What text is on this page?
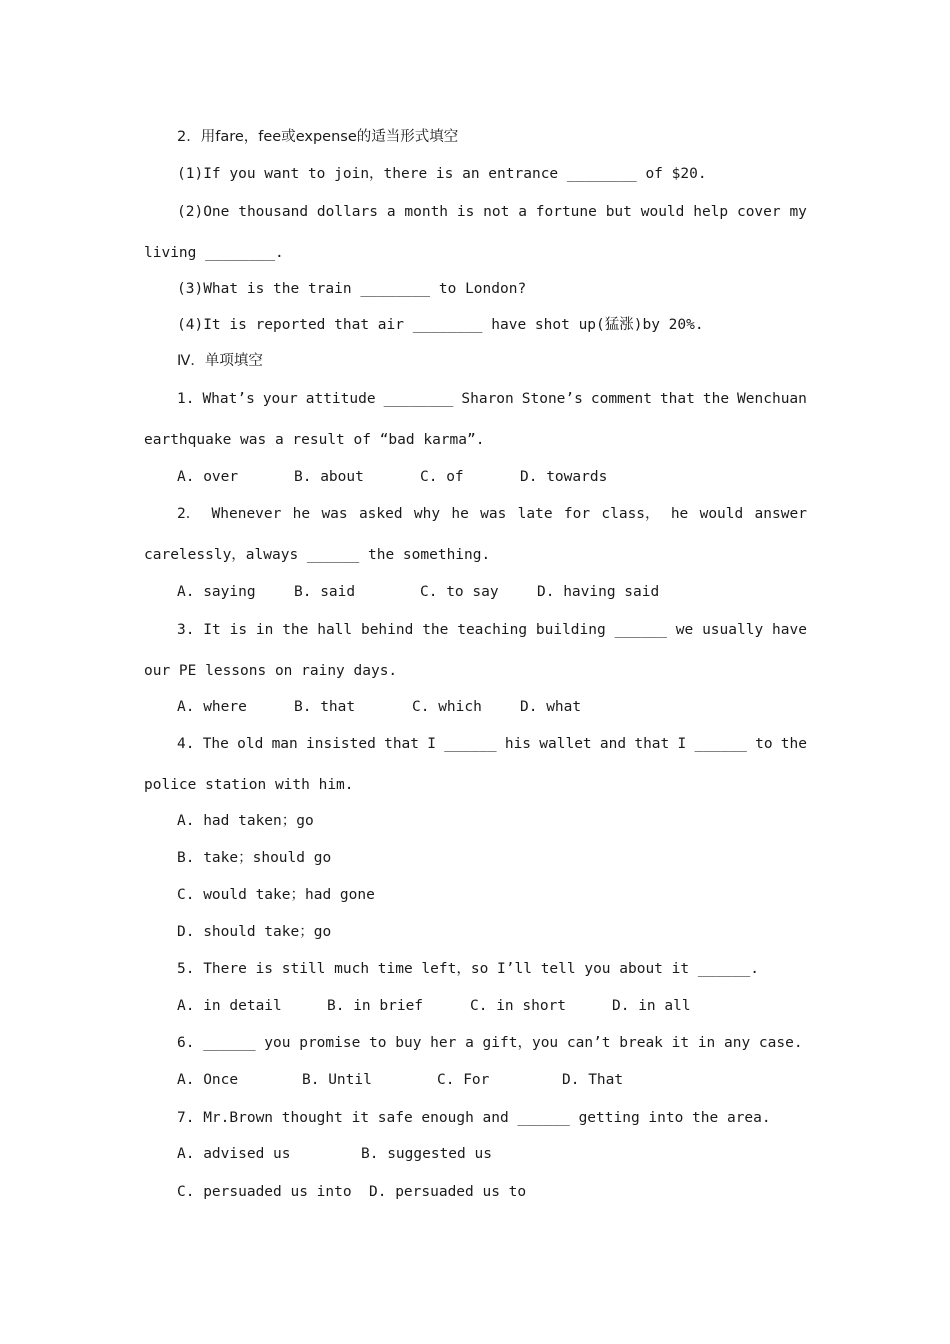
2．用fare，fee或expense的适当形式填空
(1)If you want to join，there is an entrance ________ of $20.
(2)One thousand dollars a month is not a fortune but would help cover my
living ________.
(3)What is the train ________ to London?
(4)It is reported that air ________ have shot up(猛涨)by 20%.
Ⅳ．单项填空
1. What’s your attitude ________ Sharon Stone’s comment that the Wenchuan
earthquake was a result of “bad karma”.

A. over

	B. about

	C. of

	D. towards

2． Whenever he was asked why he was late for class， he would answer
carelessly，always ______ the something.

A. saying

	B. said

	C. to say

	D. having said

3. It is in the hall behind the teaching building ______ we usually have
our PE lessons on rainy days.

A. where

	B. that

	C. which

	D. what

4. The old man insisted that I ______ his wallet and that I ______ to the
police station with him.
A. had taken；go
B. take；should go
C. would take；had gone
D. should take；go
5. There is still much time left，so I’ll tell you about it ______.

A. in detail

	B. in brief

	C. in short

	D. in all

6. ______ you promise to buy her a gift，you can’t break it in any case.

A. Once

	B. Until

	C. For

	D. That

7. Mr.Brown thought it safe enough and ______ getting into the area.

A. advised us

	B. suggested us

C. persuaded us into

D. persuaded us to
